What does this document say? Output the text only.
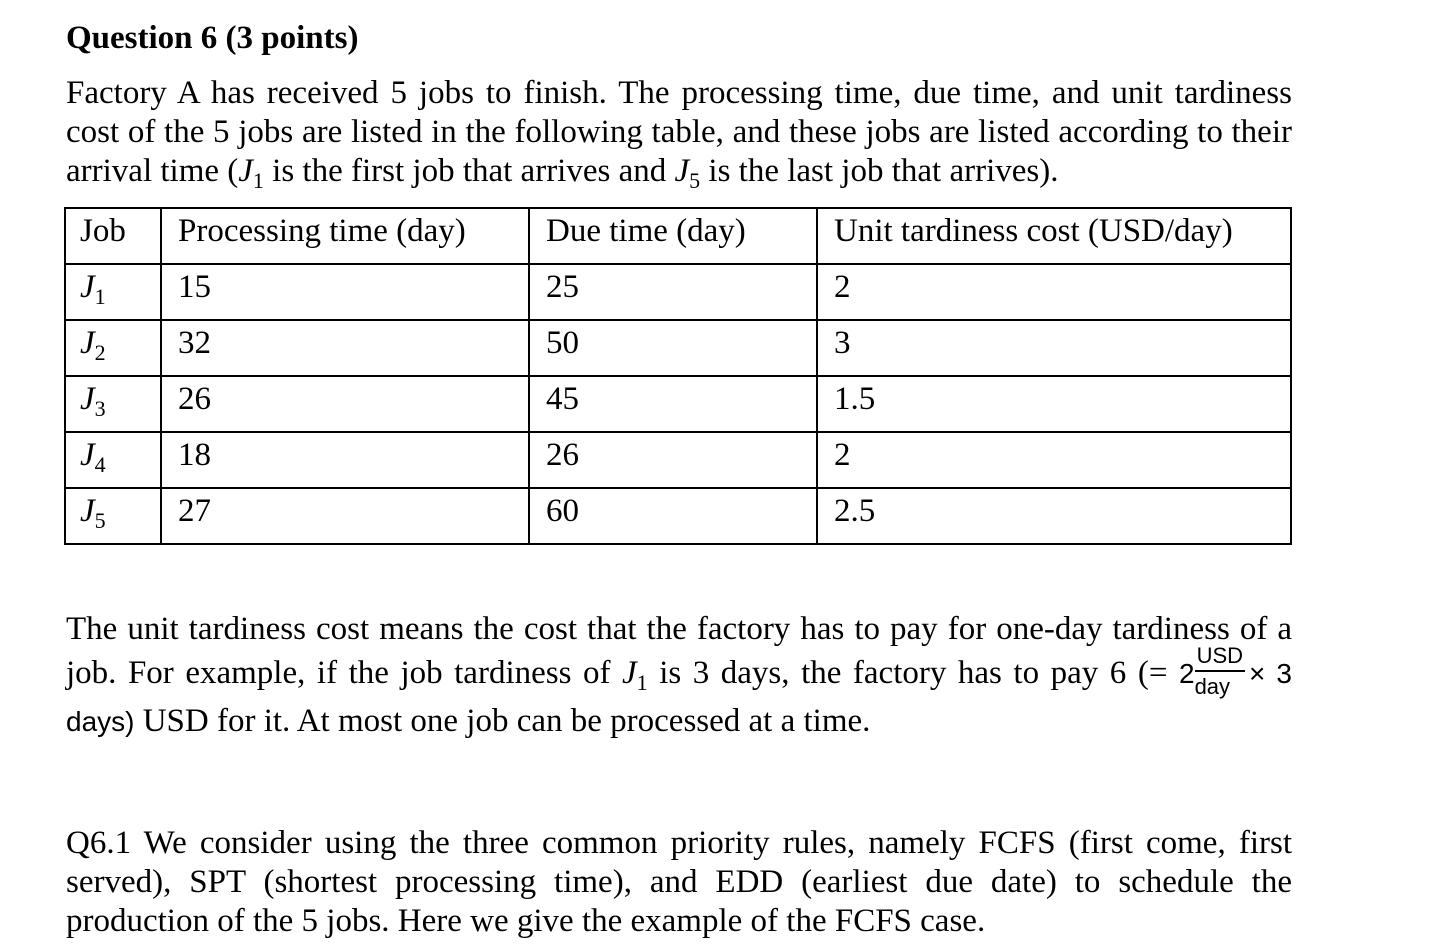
Question 6 (3 points)
Factory A has received 5 jobs to finish. The processing time, due time, and unit tardiness cost of the 5 jobs are listed in the following table, and these jobs are listed according to their arrival time ($J_1$ is the first job that arrives and $J_5$ is the last job that arrives).
Job	Processing time (day)	Due time (day)	Unit tardiness cost (USD/day)
$J_1$	15	25	2
$J_2$	32	50	3
$J_3$	26	45	1.5
$J_4$	18	26	2
$J_5$	27	60	2.5
The unit tardiness cost means the cost that the factory has to pay for one-day tardiness of a job. For example, if the job tardiness of $J_1$ is 3 days, the factory has to pay 6 (= $2 \frac{\text{USD}}{\text{day}} \times 3$ days) USD for it. At most one job can be processed at a time.
Q6.1 We consider using the three common priority rules, namely FCFS (first come, first served), SPT (shortest processing time), and EDD (earliest due date) to schedule the production of the 5 jobs. Here we give the example of the FCFS case.
